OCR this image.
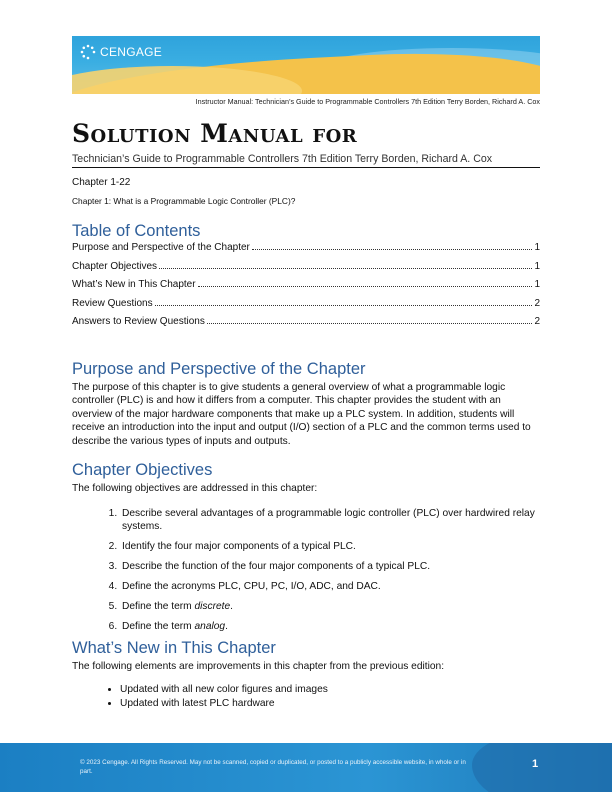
CENGAGE
Instructor Manual: Technician’s Guide to Programmable Controllers 7th Edition Terry Borden, Richard A. Cox
Solution Manual for
Technician’s Guide to Programmable Controllers 7th Edition Terry Borden, Richard A. Cox
Chapter 1-22
Chapter 1: What is a Programmable Logic Controller (PLC)?
Table of Contents
Purpose and Perspective of the Chapter	1
Chapter Objectives	1
What’s New in This Chapter	1
Review Questions	2
Answers to Review Questions	2
Purpose and Perspective of the Chapter

The purpose of this chapter is to give students a general overview of what a programmable logic controller (PLC) is and how it differs from a computer. This chapter provides the student with an overview of the major hardware components that make up a PLC system. In addition, students will receive an introduction into the input and output (I/O) section of a PLC and the common terms used to describe the various types of inputs and outputs.

Chapter Objectives

The following objectives are addressed in this chapter:

1. Describe several advantages of a programmable logic controller (PLC) over hardwired relay systems.
2. Identify the four major components of a typical PLC.
3. Describe the function of the four major components of a typical PLC.
4. Define the acronyms PLC, CPU, PC, I/O, ADC, and DAC.
5. Define the term discrete.
6. Define the term analog.
What’s New in This Chapter

The following elements are improvements in this chapter from the previous edition:

• Updated with all new color figures and images
• Updated with latest PLC hardware
© 2023 Cengage. All Rights Reserved. May not be scanned, copied or duplicated, or posted to a publicly accessible website, in whole or in part.
1
